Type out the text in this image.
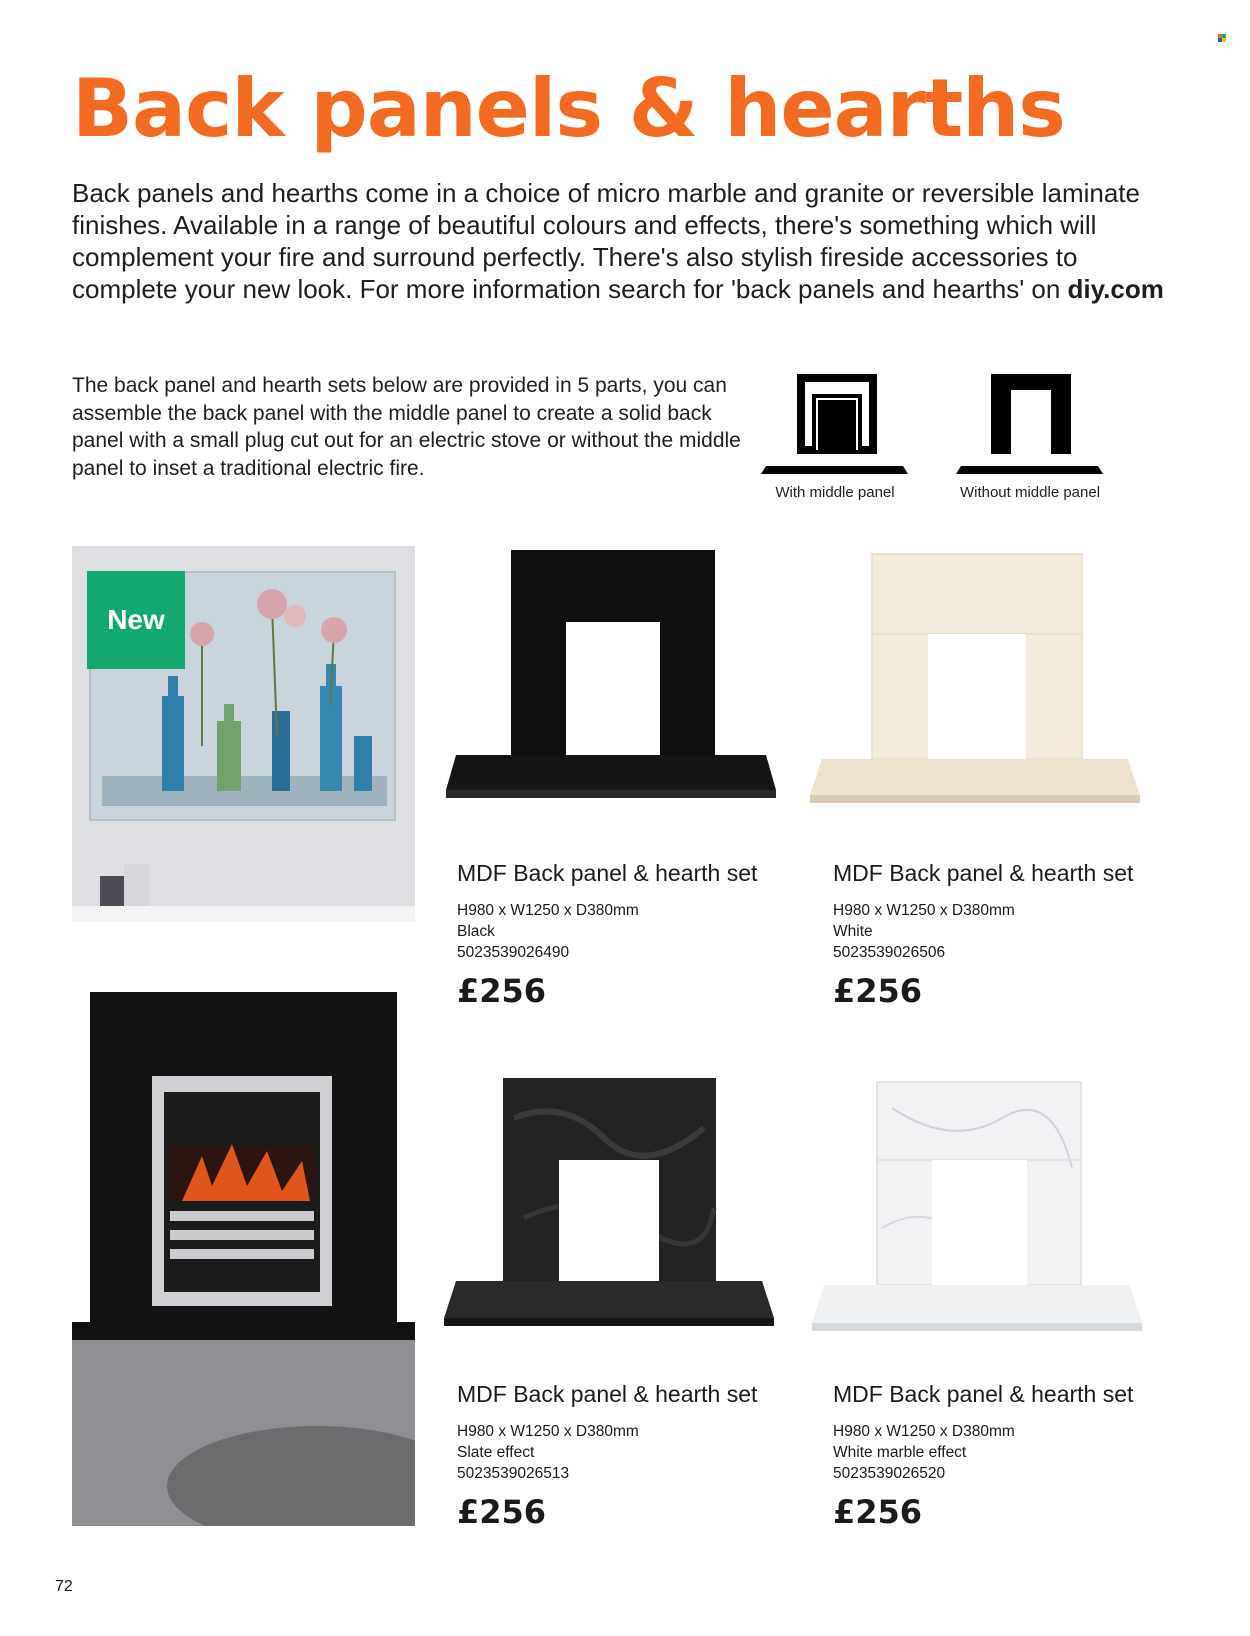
Back panels & hearths

Back panels and hearths come in a choice of micro marble and granite or reversible laminate finishes. Available in a range of beautiful colours and effects, there's something which will complement your fire and surround perfectly. There's also stylish fireside accessories to complete your new look. For more information search for 'back panels and hearths' on diy.com

The back panel and hearth sets below are provided in 5 parts, you can assemble the back panel with the middle panel to create a solid back panel with a small plug cut out for an electric stove or without the middle panel to inset a traditional electric fire.

With middle panel	Without middle panel
New
MDF Back panel & hearth set
H980 x W1250 x D380mm
Black
5023539026490
£256
MDF Back panel & hearth set
H980 x W1250 x D380mm
White
5023539026506
£256
MDF Back panel & hearth set
H980 x W1250 x D380mm
Slate effect
5023539026513
£256
MDF Back panel & hearth set
H980 x W1250 x D380mm
White marble effect
5023539026520
£256
72
